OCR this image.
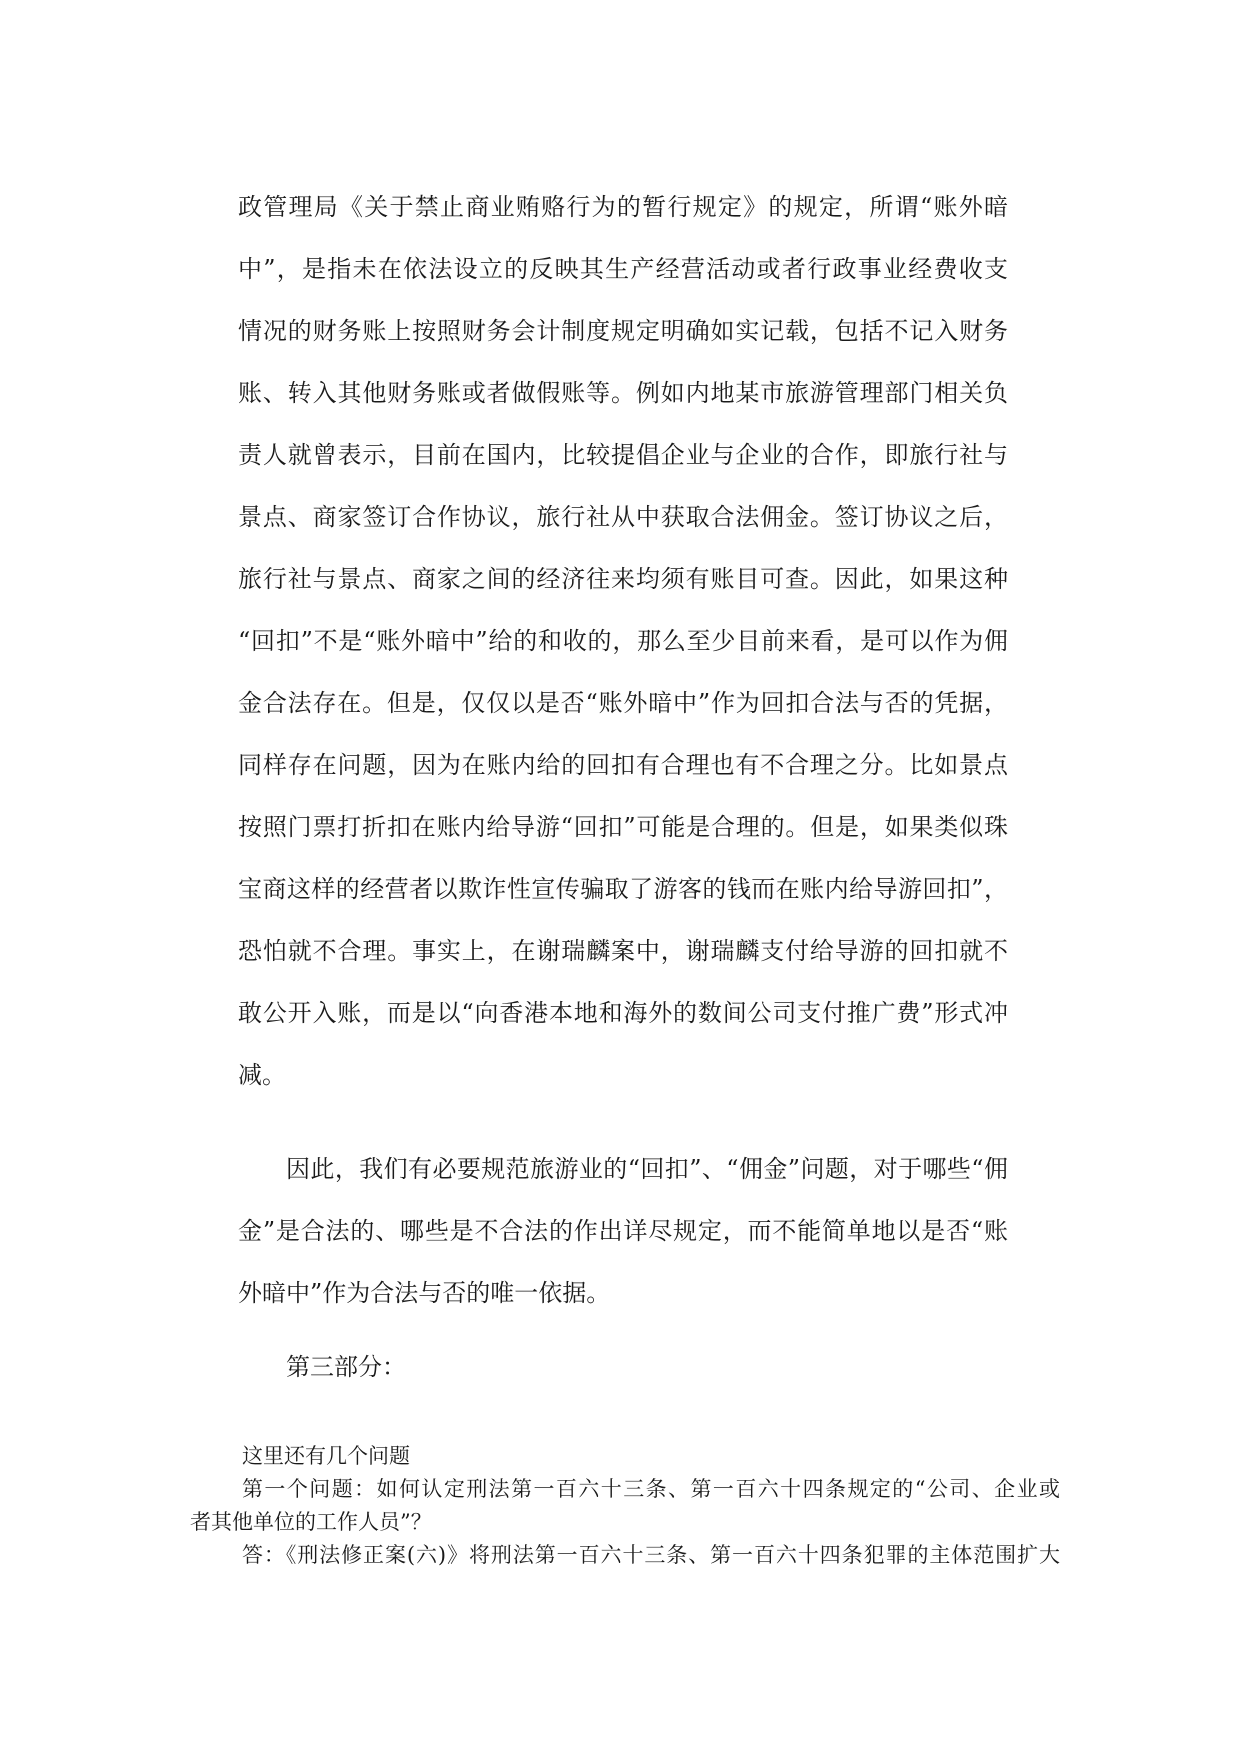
政管理局《关于禁止商业贿赂行为的暂行规定》的规定，所谓“账外暗
中”，是指未在依法设立的反映其生产经营活动或者行政事业经费收支
情况的财务账上按照财务会计制度规定明确如实记载，包括不记入财务
账、转入其他财务账或者做假账等。例如内地某市旅游管理部门相关负
责人就曾表示，目前在国内，比较提倡企业与企业的合作，即旅行社与
景点、商家签订合作协议，旅行社从中获取合法佣金。签订协议之后，
旅行社与景点、商家之间的经济往来均须有账目可查。因此，如果这种
“回扣”不是“账外暗中”给的和收的，那么至少目前来看，是可以作为佣
金合法存在。但是，仅仅以是否“账外暗中”作为回扣合法与否的凭据，
同样存在问题，因为在账内给的回扣有合理也有不合理之分。比如景点
按照门票打折扣在账内给导游“回扣”可能是合理的。但是，如果类似珠
宝商这样的经营者以欺诈性宣传骗取了游客的钱而在账内给导游回扣”，
恐怕就不合理。事实上，在谢瑞麟案中，谢瑞麟支付给导游的回扣就不
敢公开入账，而是以“向香港本地和海外的数间公司支付推广费”形式冲
减。
因此，我们有必要规范旅游业的“回扣”、“佣金”问题，对于哪些“佣
金”是合法的、哪些是不合法的作出详尽规定，而不能简单地以是否“账
外暗中”作为合法与否的唯一依据。
第三部分：
这里还有几个问题
第一个问题：如何认定刑法第一百六十三条、第一百六十四条规定的“公司、企业或
者其他单位的工作人员”？
答：《刑法修正案(六)》将刑法第一百六十三条、第一百六十四条犯罪的主体范围扩大
